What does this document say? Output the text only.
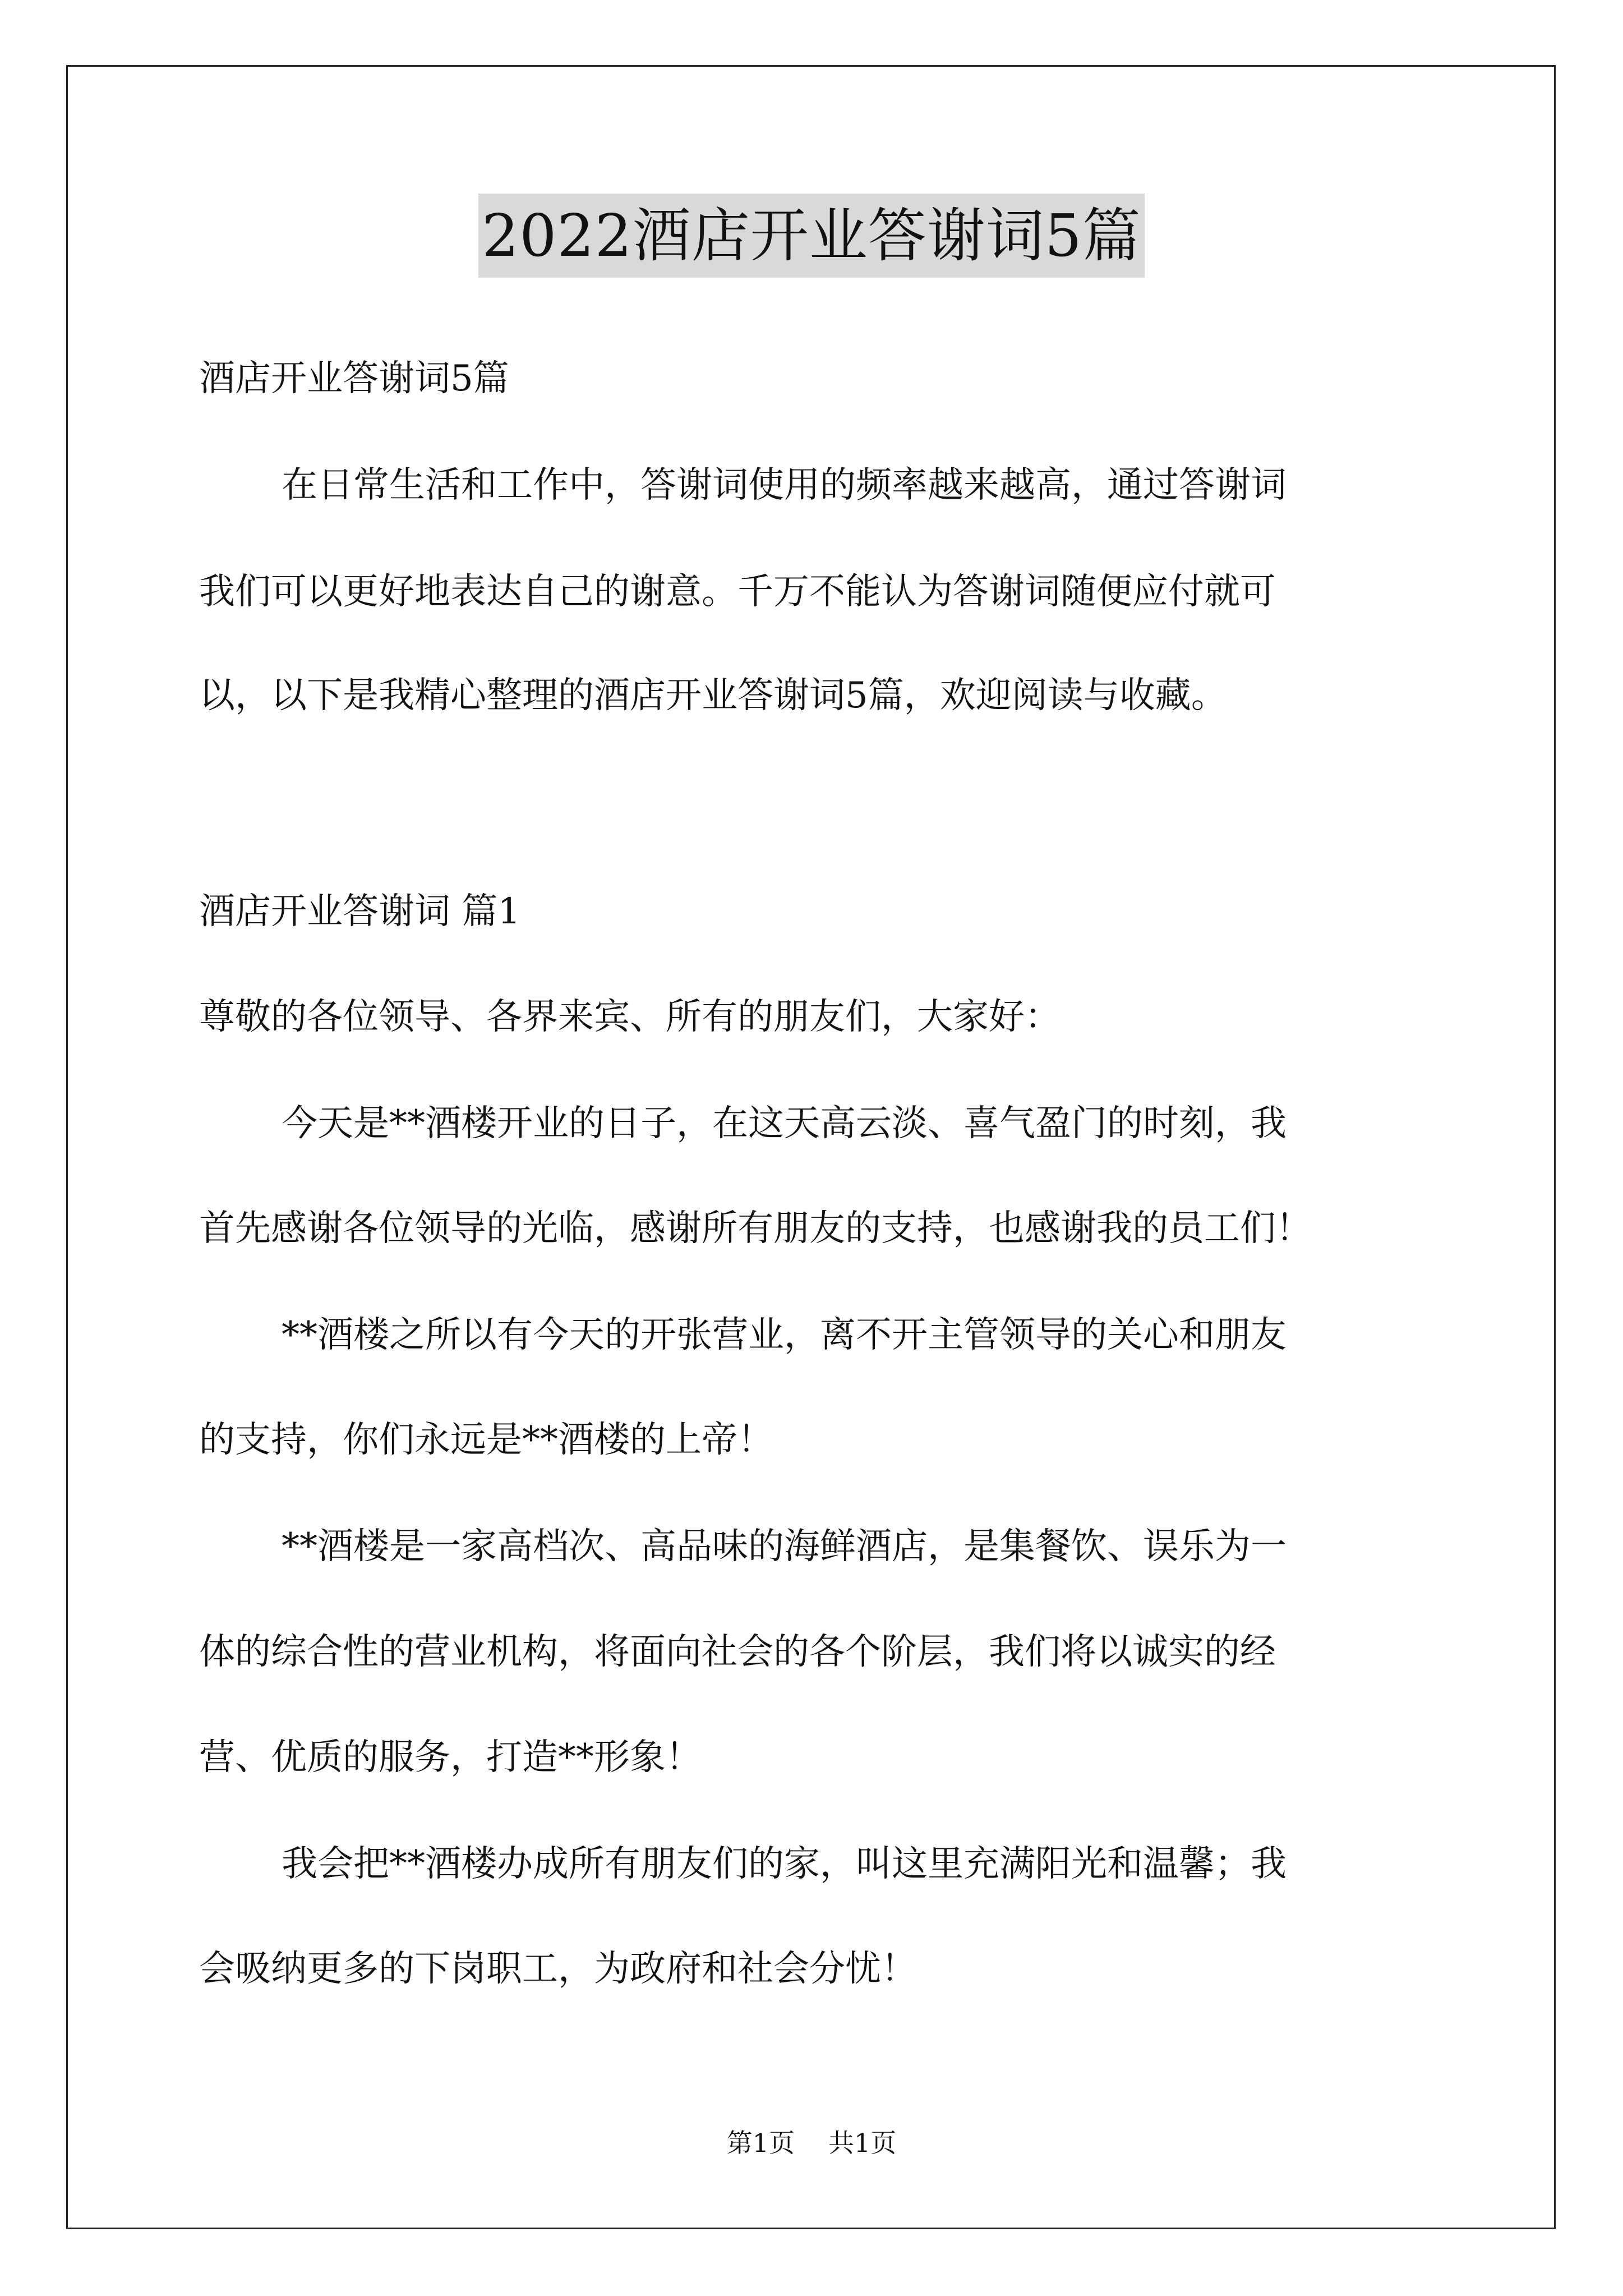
2022酒店开业答谢词5篇
酒店开业答谢词5篇
在日常生活和工作中，答谢词使用的频率越来越高，通过答谢词
我们可以更好地表达自己的谢意。千万不能认为答谢词随便应付就可
以，以下是我精心整理的酒店开业答谢词5篇，欢迎阅读与收藏。
酒店开业答谢词 篇1
尊敬的各位领导、各界来宾、所有的朋友们，大家好：
今天是**酒楼开业的日子，在这天高云淡、喜气盈门的时刻，我
首先感谢各位领导的光临，感谢所有朋友的支持，也感谢我的员工们！
**酒楼之所以有今天的开张营业，离不开主管领导的关心和朋友
的支持，你们永远是**酒楼的上帝！
**酒楼是一家高档次、高品味的海鲜酒店，是集餐饮、误乐为一
体的综合性的营业机构，将面向社会的各个阶层，我们将以诚实的经
营、优质的服务，打造**形象！
我会把**酒楼办成所有朋友们的家，叫这里充满阳光和温馨；我
会吸纳更多的下岗职工，为政府和社会分忧！
第1页 共1页
